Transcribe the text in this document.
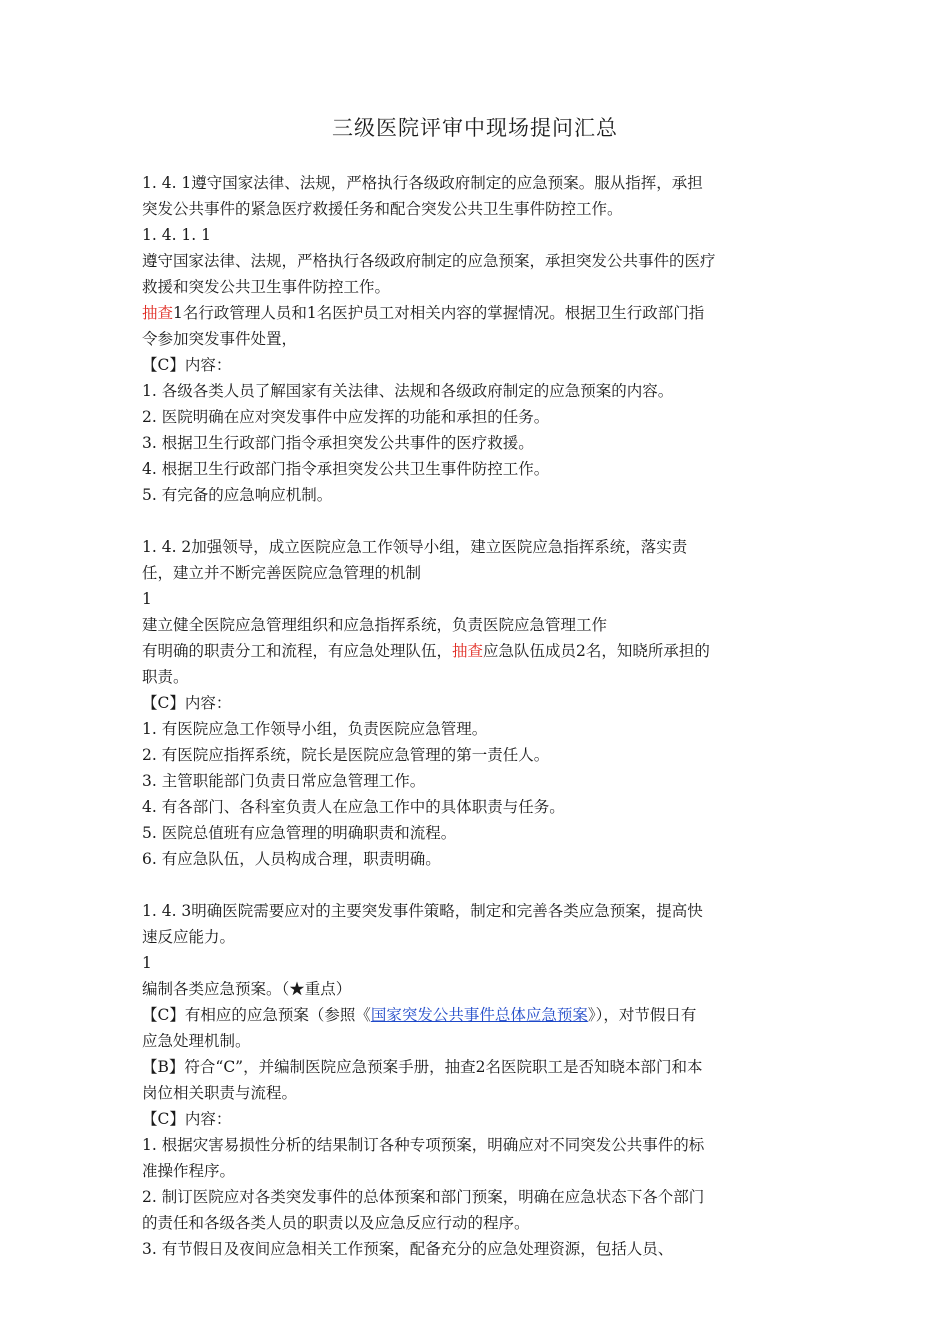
三级医院评审中现场提问汇总
1. 4. 1遵守国家法律、法规，严格执行各级政府制定的应急预案。服从指挥，承担
突发公共事件的紧急医疗救援任务和配合突发公共卫生事件防控工作。
1. 4. 1. 1
遵守国家法律、法规，严格执行各级政府制定的应急预案，承担突发公共事件的医疗
救援和突发公共卫生事件防控工作。
抽查1名行政管理人员和1名医护员工对相关内容的掌握情况。根据卫生行政部门指
令参加突发事件处置，
【C】内容：
1. 各级各类人员了解国家有关法律、法规和各级政府制定的应急预案的内容。
2. 医院明确在应对突发事件中应发挥的功能和承担的任务。
3. 根据卫生行政部门指令承担突发公共事件的医疗救援。
4. 根据卫生行政部门指令承担突发公共卫生事件防控工作。
5. 有完备的应急响应机制。
1. 4. 2加强领导，成立医院应急工作领导小组，建立医院应急指挥系统，落实责
任，建立并不断完善医院应急管理的机制
1
建立健全医院应急管理组织和应急指挥系统，负责医院应急管理工作
有明确的职责分工和流程，有应急处理队伍，抽查应急队伍成员2名，知晓所承担的
职责。
【C】内容：
1. 有医院应急工作领导小组，负责医院应急管理。
2. 有医院应指挥系统，院长是医院应急管理的第一责任人。
3. 主管职能部门负责日常应急管理工作。
4. 有各部门、各科室负责人在应急工作中的具体职责与任务。
5. 医院总值班有应急管理的明确职责和流程。
6. 有应急队伍，人员构成合理，职责明确。
1. 4. 3明确医院需要应对的主要突发事件策略，制定和完善各类应急预案，提高快
速反应能力。
1
编制各类应急预案。（★重点）
【C】有相应的应急预案（参照《国家突发公共事件总体应急预案》），对节假日有
应急处理机制。
【B】符合“C”，并编制医院应急预案手册，抽查2名医院职工是否知晓本部门和本
岗位相关职责与流程。
【C】内容：
1. 根据灾害易损性分析的结果制订各种专项预案，明确应对不同突发公共事件的标
准操作程序。
2. 制订医院应对各类突发事件的总体预案和部门预案，明确在应急状态下各个部门
的责任和各级各类人员的职责以及应急反应行动的程序。
3. 有节假日及夜间应急相关工作预案，配备充分的应急处理资源，包括人员、
